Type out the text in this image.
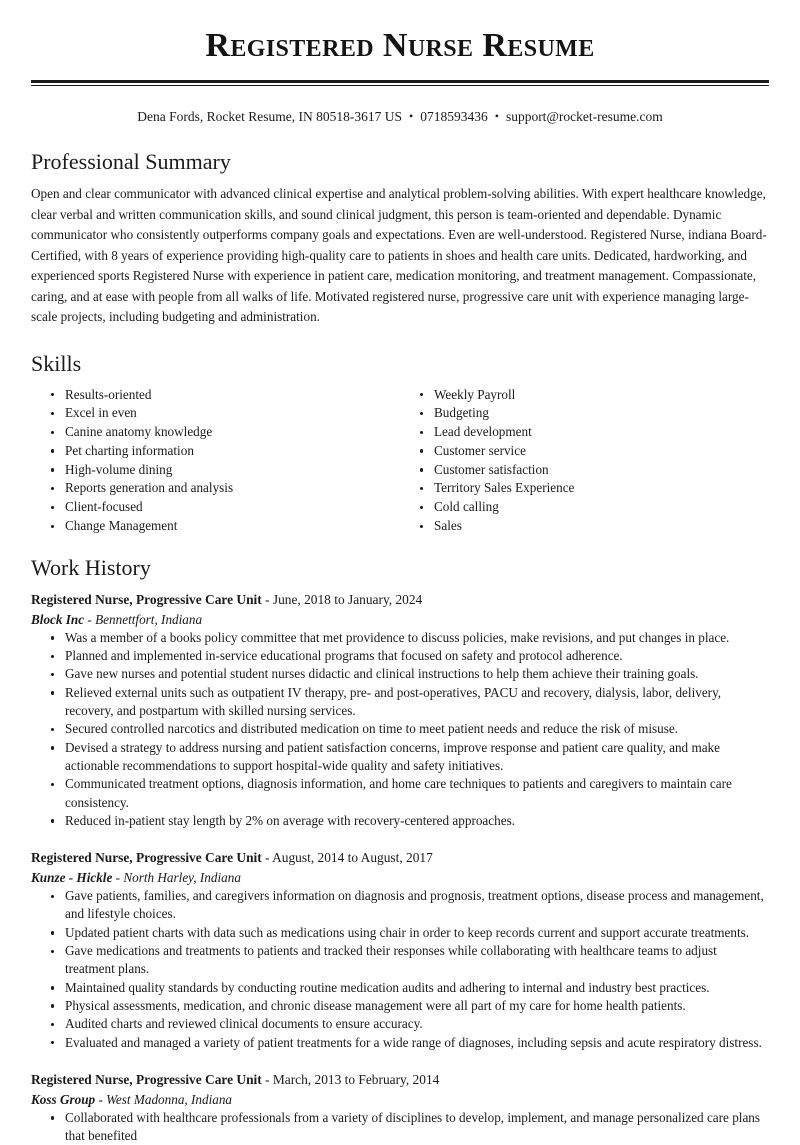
Registered Nurse Resume
Dena Fords, Rocket Resume, IN 80518-3617 US • 0718593436 • support@rocket-resume.com
Professional Summary

Open and clear communicator with advanced clinical expertise and analytical problem-solving abilities. With expert healthcare knowledge, clear verbal and written communication skills, and sound clinical judgment, this person is team-oriented and dependable. Dynamic communicator who consistently outperforms company goals and expectations. Even are well-understood. Registered Nurse, indiana Board-Certified, with 8 years of experience providing high-quality care to patients in shoes and health care units. Dedicated, hardworking, and experienced sports Registered Nurse with experience in patient care, medication monitoring, and treatment management. Compassionate, caring, and at ease with people from all walks of life. Motivated registered nurse, progressive care unit with experience managing large-scale projects, including budgeting and administration.

Skills
Results-oriented
Excel in even
Canine anatomy knowledge
Pet charting information
High-volume dining
Reports generation and analysis
Client-focused
Change Management
Weekly Payroll
Budgeting
Lead development
Customer service
Customer satisfaction
Territory Sales Experience
Cold calling
Sales
Work History
Registered Nurse, Progressive Care Unit - June, 2018 to January, 2024
Block Inc - Bennettfort, Indiana
Was a member of a books policy committee that met providence to discuss policies, make revisions, and put changes in place.
Planned and implemented in-service educational programs that focused on safety and protocol adherence.
Gave new nurses and potential student nurses didactic and clinical instructions to help them achieve their training goals.
Relieved external units such as outpatient IV therapy, pre- and post-operatives, PACU and recovery, dialysis, labor, delivery, recovery, and postpartum with skilled nursing services.
Secured controlled narcotics and distributed medication on time to meet patient needs and reduce the risk of misuse.
Devised a strategy to address nursing and patient satisfaction concerns, improve response and patient care quality, and make actionable recommendations to support hospital-wide quality and safety initiatives.
Communicated treatment options, diagnosis information, and home care techniques to patients and caregivers to maintain care consistency.
Reduced in-patient stay length by 2% on average with recovery-centered approaches.
Registered Nurse, Progressive Care Unit - August, 2014 to August, 2017
Kunze - Hickle - North Harley, Indiana
Gave patients, families, and caregivers information on diagnosis and prognosis, treatment options, disease process and management, and lifestyle choices.
Updated patient charts with data such as medications using chair in order to keep records current and support accurate treatments.
Gave medications and treatments to patients and tracked their responses while collaborating with healthcare teams to adjust treatment plans.
Maintained quality standards by conducting routine medication audits and adhering to internal and industry best practices.
Physical assessments, medication, and chronic disease management were all part of my care for home health patients.
Audited charts and reviewed clinical documents to ensure accuracy.
Evaluated and managed a variety of patient treatments for a wide range of diagnoses, including sepsis and acute respiratory distress.
Registered Nurse, Progressive Care Unit - March, 2013 to February, 2014
Koss Group - West Madonna, Indiana
Collaborated with healthcare professionals from a variety of disciplines to develop, implement, and manage personalized care plans that benefited
